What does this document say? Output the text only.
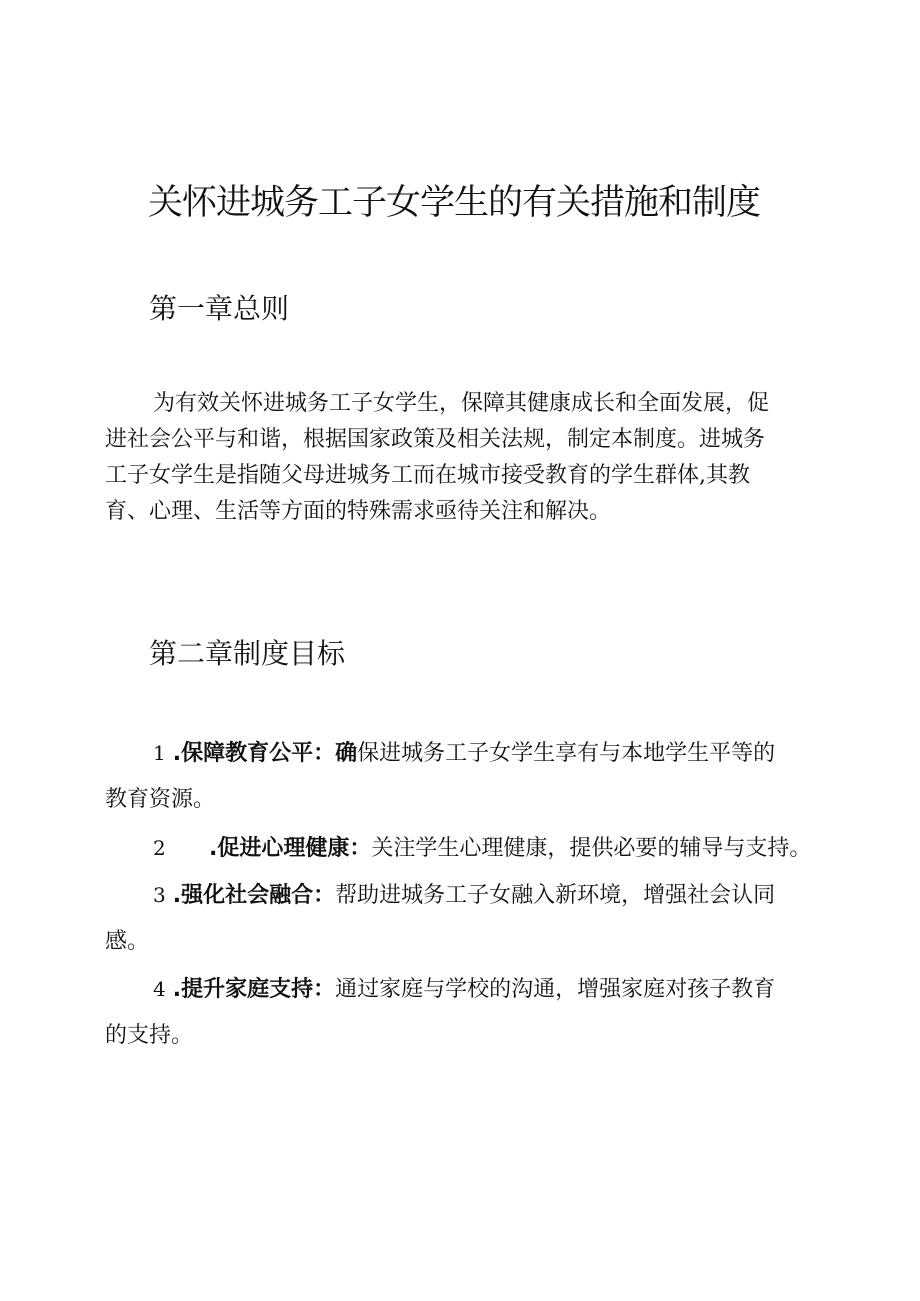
关怀进城务工子女学生的有关措施和制度
第一章总则

为有效关怀进城务工子女学生，保障其健康成长和全面发展，促
进社会公平与和谐，根据国家政策及相关法规，制定本制度。进城务
工子女学生是指随父母进城务工而在城市接受教育的学生群体,其教
育、心理、生活等方面的特殊需求亟待关注和解决。

第二章制度目标

1 .保障教育公平：确保进城务工子女学生享有与本地学生平等的
教育资源。

2 .促进心理健康：关注学生心理健康，提供必要的辅导与支持。

3 .强化社会融合：帮助进城务工子女融入新环境，增强社会认同
感。

4 .提升家庭支持：通过家庭与学校的沟通，增强家庭对孩子教育
的支持。
